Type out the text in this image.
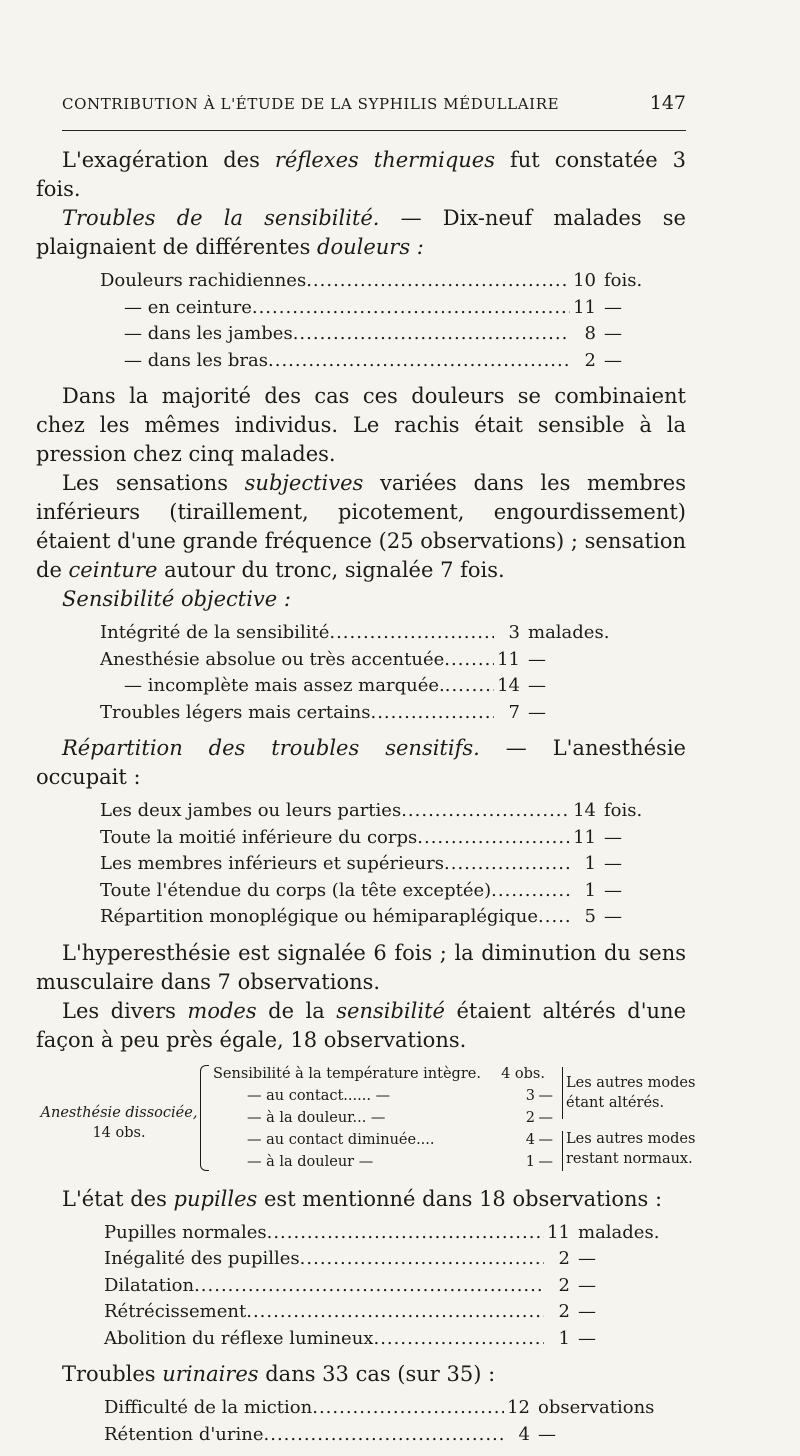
CONTRIBUTION À L'ÉTUDE DE LA SYPHILIS MÉDULLAIRE	147

L'exagération des réflexes thermiques fut constatée 3 fois.

Troubles de la sensibilité. — Dix-neuf malades se plaignaient de différentes douleurs :

Douleurs rachidiennes .....	10 fois.
— en ceinture .....	11 —
— dans les jambes .....	8 —
— dans les bras .....	2 —

Dans la majorité des cas ces douleurs se combinaient chez les mêmes individus. Le rachis était sensible à la pression chez cinq malades.

Les sensations subjectives variées dans les membres inférieurs (tiraillement, picotement, engourdissement) étaient d'une grande fréquence (25 observations) ; sensation de ceinture autour du tronc, signalée 7 fois.

Sensibilité objective :

Intégrité de la sensibilité .....	3 malades.
Anesthésie absolue ou très accentuée .....	11 —
— incomplète mais assez marquée. .....	14 —
Troubles légers mais certains .....	7 —

Répartition des troubles sensitifs. — L'anesthésie occupait :

Les deux jambes ou leurs parties .....	14 fois.
Toute la moitié inférieure du corps .....	11 —
Les membres inférieurs et supérieurs .....	1 —
Toute l'étendue du corps (la tête exceptée) .....	1 —
Répartition monoplégique ou hémiparaplégique .....	5 —

L'hyperesthésie est signalée 6 fois ; la diminution du sens musculaire dans 7 observations.

Les divers modes de la sensibilité étaient altérés d'une façon à peu près égale, 18 observations.

Anesthésie dissociée,
14 obs.
Sensibilité à la température intègre.	4 obs.
— au contact...... —	3 —
— à la douleur... —	2 —
— au contact diminuée....	4 —
— à la douleur —	1 —
Les autres modes étant altérés.
Les autres modes restant normaux.

L'état des pupilles est mentionné dans 18 observations :

Pupilles normales .....	11 malades.
Inégalité des pupilles .....	2 —
Dilatation .....	2 —
Rétrécissement .....	2 —
Abolition du réflexe lumineux .....	1 —

Troubles urinaires dans 33 cas (sur 35) :

Difficulté de la miction .....	12 observations
Rétention d'urine .....	4 —
